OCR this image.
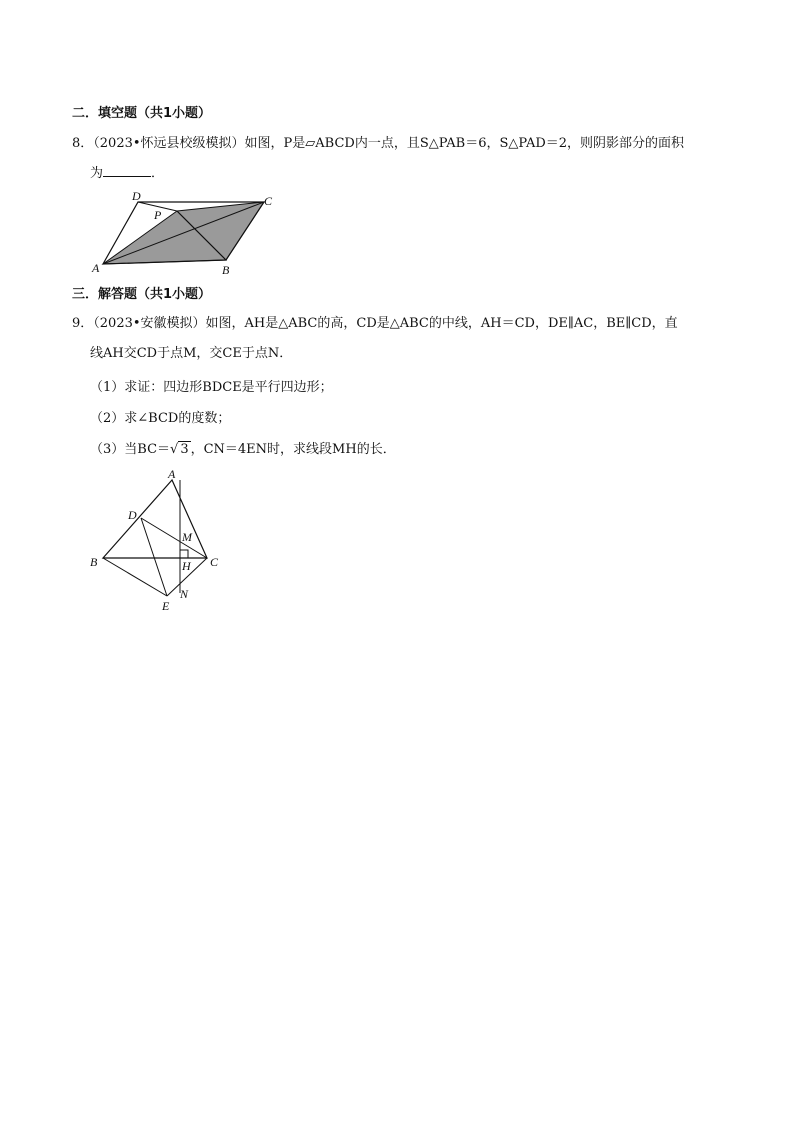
二．填空题（共1小题）
8．（2023•怀远县校级模拟）如图，P是▱ABCD内一点，且S△PAB＝6，S△PAD＝2，则阴影部分的面积
为	．
A	B
C
D
P
三．解答题（共1小题）
9．（2023•安徽模拟）如图，AH是△ABC的高，CD是△ABC的中线，AH＝CD，DE∥AC，BE∥CD，直
线AH交CD于点M，交CE于点N．
（1）求证：四边形BDCE是平行四边形；
（2）求∠BCD的度数；
（3）当BC＝√ 3 ，CN＝4EN时，求线段MH的长．
A
B	C
D
E
H
M
N
